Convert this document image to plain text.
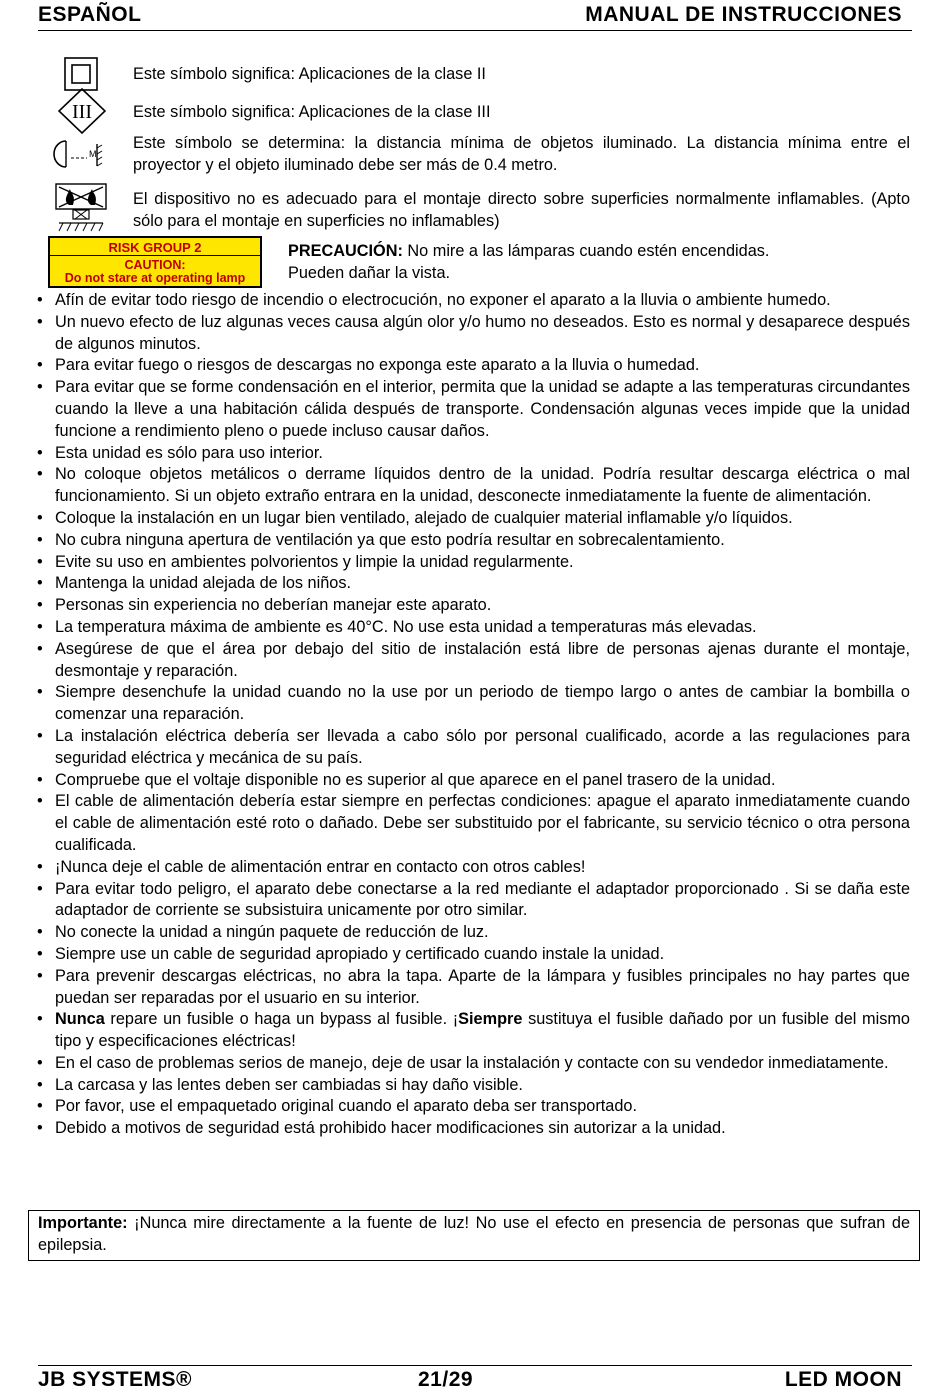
ESPAÑOL	MANUAL DE INSTRUCCIONES
III
M
Este símbolo significa: Aplicaciones de la clase II
Este símbolo significa: Aplicaciones de la clase III
Este símbolo se determina: la distancia mínima de objetos iluminado. La distancia mínima entre el proyector y el objeto iluminado debe ser más de 0.4 metro.
El dispositivo no es adecuado para el montaje directo sobre superficies normalmente inflamables. (Apto sólo para el montaje en superficies no inflamables)
RISK GROUP 2
CAUTION:
Do not stare at operating lamp
PRECAUCIÓN: No mire a las lámparas cuando estén encendidas.
Pueden dañar la vista.
• Afín de evitar todo riesgo de incendio o electrocución, no exponer el aparato a la lluvia o ambiente humedo.
• Un nuevo efecto de luz algunas veces causa algún olor y/o humo no deseados. Esto es normal y desaparece después de algunos minutos.
• Para evitar fuego o riesgos de descargas no exponga este aparato a la lluvia o humedad.
• Para evitar que se forme condensación en el interior, permita que la unidad se adapte a las temperaturas circundantes cuando la lleve a una habitación cálida después de transporte. Condensación algunas veces impide que la unidad funcione a rendimiento pleno o puede incluso causar daños.
• Esta unidad es sólo para uso interior.
• No coloque objetos metálicos o derrame líquidos dentro de la unidad. Podría resultar descarga eléctrica o mal funcionamiento. Si un objeto extraño entrara en la unidad, desconecte inmediatamente la fuente de alimentación.
• Coloque la instalación en un lugar bien ventilado, alejado de cualquier material inflamable y/o líquidos.
• No cubra ninguna apertura de ventilación ya que esto podría resultar en sobrecalentamiento.
• Evite su uso en ambientes polvorientos y limpie la unidad regularmente.
• Mantenga la unidad alejada de los niños.
• Personas sin experiencia no deberían manejar este aparato.
• La temperatura máxima de ambiente es 40°C. No use esta unidad a temperaturas más elevadas.
• Asegúrese de que el área por debajo del sitio de instalación está libre de personas ajenas durante el montaje, desmontaje y reparación.
• Siempre desenchufe la unidad cuando no la use por un periodo de tiempo largo o antes de cambiar la bombilla o comenzar una reparación.
• La instalación eléctrica debería ser llevada a cabo sólo por personal cualificado, acorde a las regulaciones para seguridad eléctrica y mecánica de su país.
• Compruebe que el voltaje disponible no es superior al que aparece en el panel trasero de la unidad.
• El cable de alimentación debería estar siempre en perfectas condiciones: apague el aparato inmediatamente cuando el cable de alimentación esté roto o dañado. Debe ser substituido por el fabricante, su servicio técnico o otra persona cualificada.
• ¡Nunca deje el cable de alimentación entrar en contacto con otros cables!
• Para evitar todo peligro, el aparato debe conectarse a la red mediante el adaptador proporcionado . Si se daña este adaptador de corriente se subsistuira unicamente por otro similar.
• No conecte la unidad a ningún paquete de reducción de luz.
• Siempre use un cable de seguridad apropiado y certificado cuando instale la unidad.
• Para prevenir descargas eléctricas, no abra la tapa. Aparte de la lámpara y fusibles principales no hay partes que puedan ser reparadas por el usuario en su interior.
• Nunca repare un fusible o haga un bypass al fusible. ¡Siempre sustituya el fusible dañado por un fusible del mismo tipo y especificaciones eléctricas!
• En el caso de problemas serios de manejo, deje de usar la instalación y contacte con su vendedor inmediatamente.
• La carcasa y las lentes deben ser cambiadas si hay daño visible.
• Por favor, use el empaquetado original cuando el aparato deba ser transportado.
• Debido a motivos de seguridad está prohibido hacer modificaciones sin autorizar a la unidad.
Importante: ¡Nunca mire directamente a la fuente de luz! No use el efecto en presencia de personas que sufran de epilepsia.
JB SYSTEMS®	21/29	LED MOON
